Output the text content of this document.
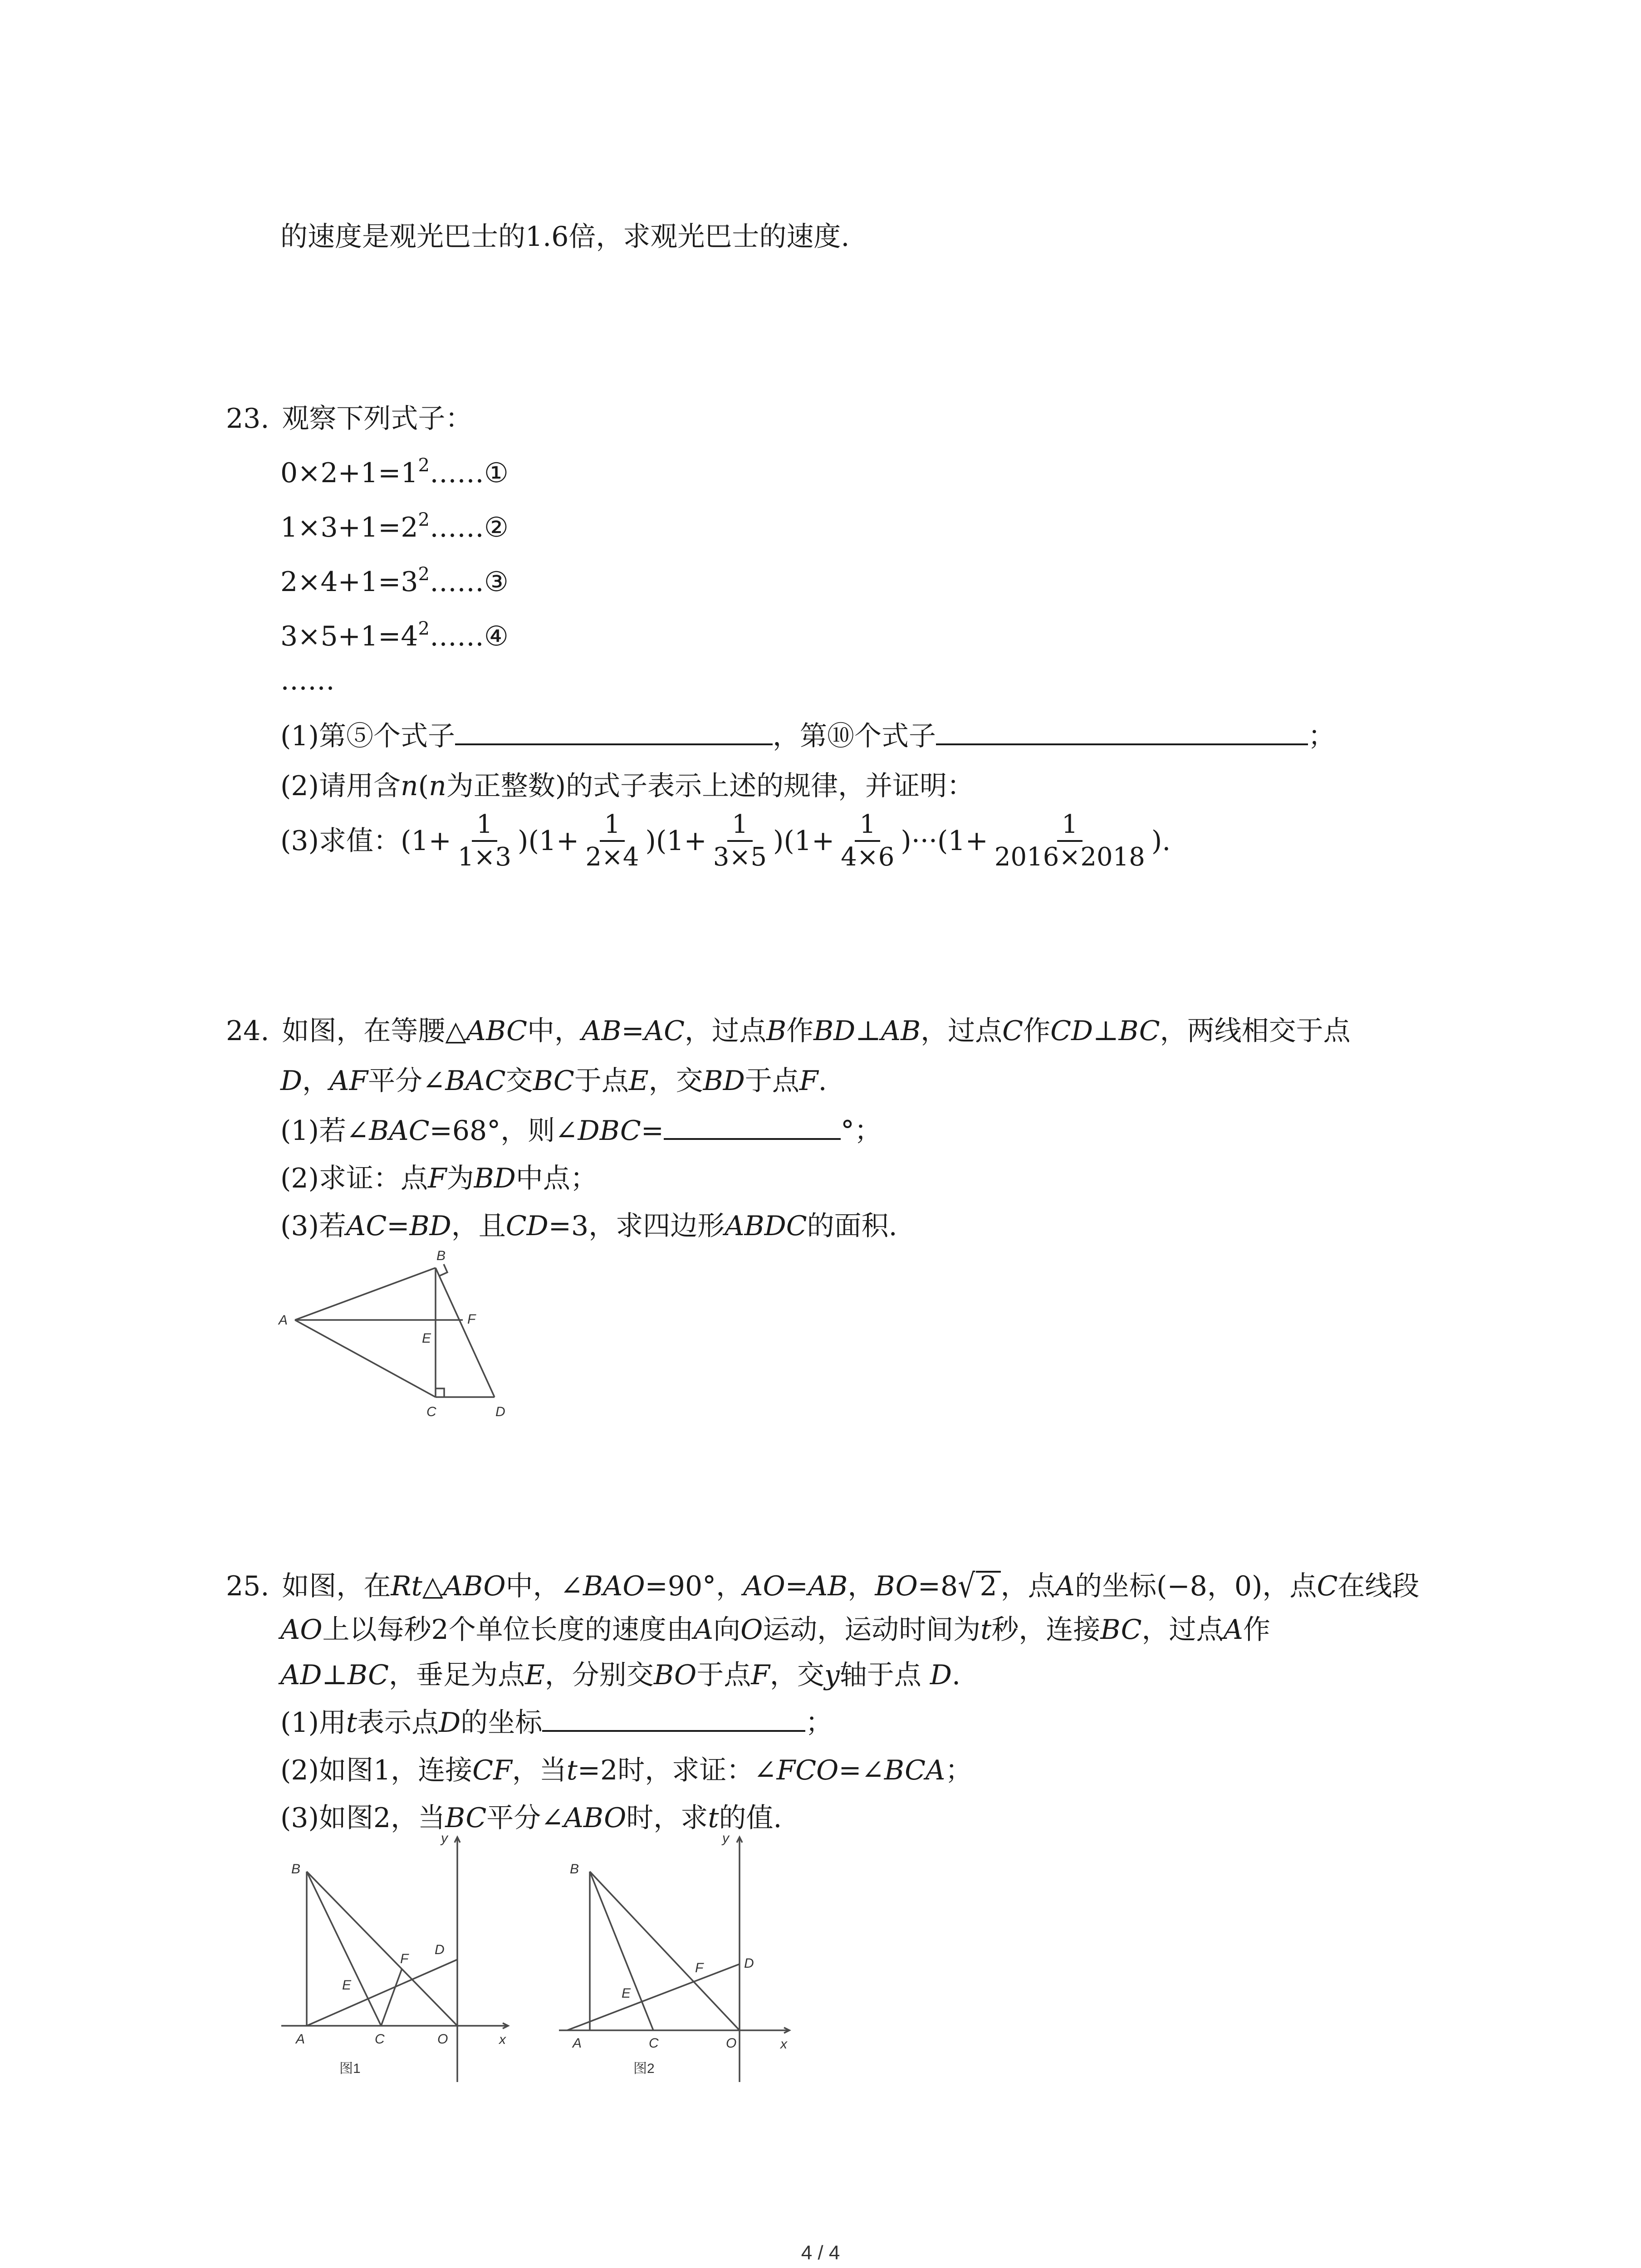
的速度是观光巴士的1.6倍，求观光巴士的速度.
23. 观察下列式子：
$0\times 2+1=1^2\dots\dots ①$
$1\times 3+1=2^2\dots\dots ②$
$2\times 4+1=3^2\dots\dots ③$
$3\times 5+1=4^2\dots\dots ④$
……
(1)第⑤个式子	，第⑩个式子	；
(2)请用含n(n为正整数)的式子表示上述的规律，并证明：
(3)求值： $(1+ \frac{1}{1\times 3} )(1+ \frac{1}{2\times 4} )(1+ \frac{1}{3\times 5} )(1+ \frac{1}{4\times 6} )\cdot\cdot\cdot(1+ \frac{1}{2016\times 2018}$ ).
24. 如图，在等腰△ABC中，AB=AC，过点B作BD⊥AB，过点C作CD⊥BC，两线相交于点
D，AF平分∠BAC交BC于点E，交BD于点F.
(1)若∠BAC=68°，则∠DBC=	°；
(2)求证：点F为BD中点；
(3)若AC=BD，且CD=3，求四边形ABDC的面积.
B
A	F
E
C	D
25. 如图，在Rt△ABO中，∠BAO=90°，AO=AB，BO=8√ 2 ，点A的坐标(−8，0)，点C在线段
AO上以每秒2个单位长度的速度由A向O运动，运动时间为t秒，连接BC，过点A作
AD⊥BC，垂足为点E，分别交BO于点F，交y轴于点 D.
(1)用t表示点D的坐标	；
(2)如图1，连接CF，当t=2时，求证：∠FCO=∠BCA；
(3)如图2，当BC平分∠ABO时，求t的值.
B
D
F
E
A	C	O	x
y
图1
B
D
F
E
A	C	O	x
y
图2
4 / 4
